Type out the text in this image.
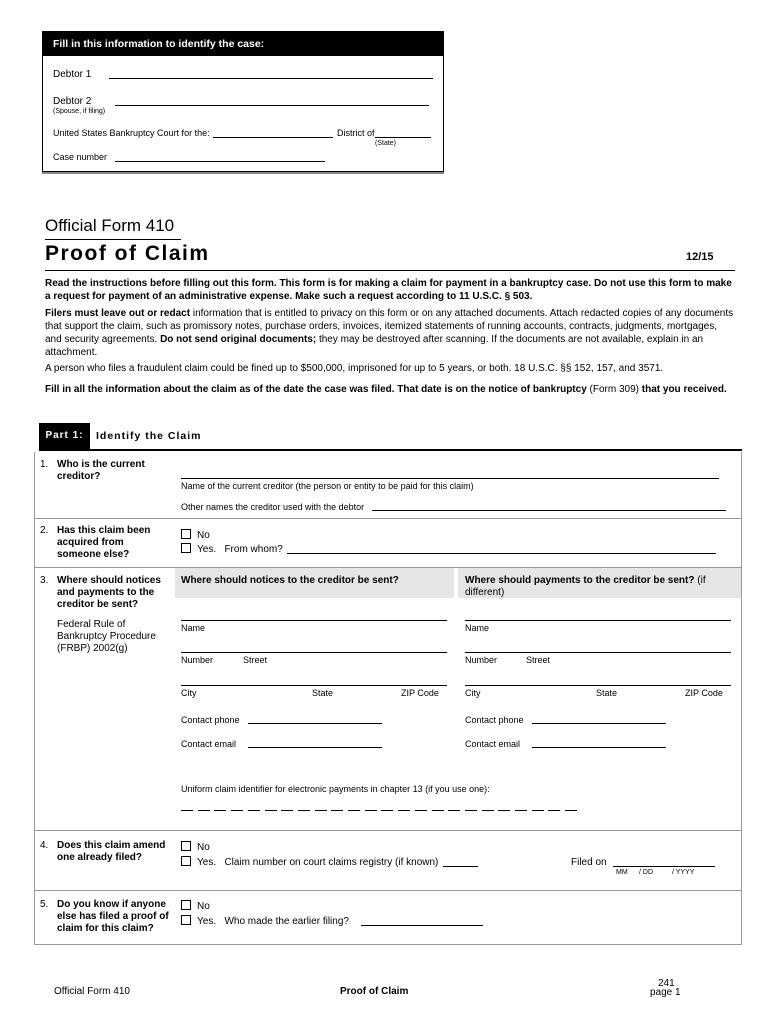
Fill in this information to identify the case:
Debtor 1
Debtor 2
(Spouse, if filing)
United States Bankruptcy Court for the:	District of
(State)
Case number
Official Form 410
Proof of Claim	12/15
Read the instructions before filling out this form. This form is for making a claim for payment in a bankruptcy case. Do not use this form to make a request for payment of an administrative expense. Make such a request according to 11 U.S.C. § 503.
Filers must leave out or redact information that is entitled to privacy on this form or on any attached documents. Attach redacted copies of any documents that support the claim, such as promissory notes, purchase orders, invoices, itemized statements of running accounts, contracts, judgments, mortgages, and security agreements. Do not send original documents; they may be destroyed after scanning. If the documents are not available, explain in an attachment.
A person who files a fraudulent claim could be fined up to $500,000, imprisoned for up to 5 years, or both. 18 U.S.C. §§ 152, 157, and 3571.
Fill in all the information about the claim as of the date the case was filed. That date is on the notice of bankruptcy (Form 309) that you received.
Part 1:	Identify the Claim
1. Who is the current creditor?
Name of the current creditor (the person or entity to be paid for this claim)
Other names the creditor used with the debtor
2. Has this claim been acquired from someone else?
No
Yes. From whom?
3. Where should notices and payments to the creditor be sent?
Federal Rule of Bankruptcy Procedure (FRBP) 2002(g)
Where should notices to the creditor be sent?	Where should payments to the creditor be sent? (if different)
Name
Number	Street
City	State	ZIP Code
Contact phone
Contact email
Name
Number	Street
City	State	ZIP Code
Contact phone
Contact email
Uniform claim identifier for electronic payments in chapter 13 (if you use one):
4. Does this claim amend one already filed?
No
Yes. Claim number on court claims registry (if known)	Filed on
MM / DD	/ YYYY
5. Do you know if anyone else has filed a proof of claim for this claim?
No
Yes. Who made the earlier filing?
Official Form 410	Proof of Claim
241
page 1
